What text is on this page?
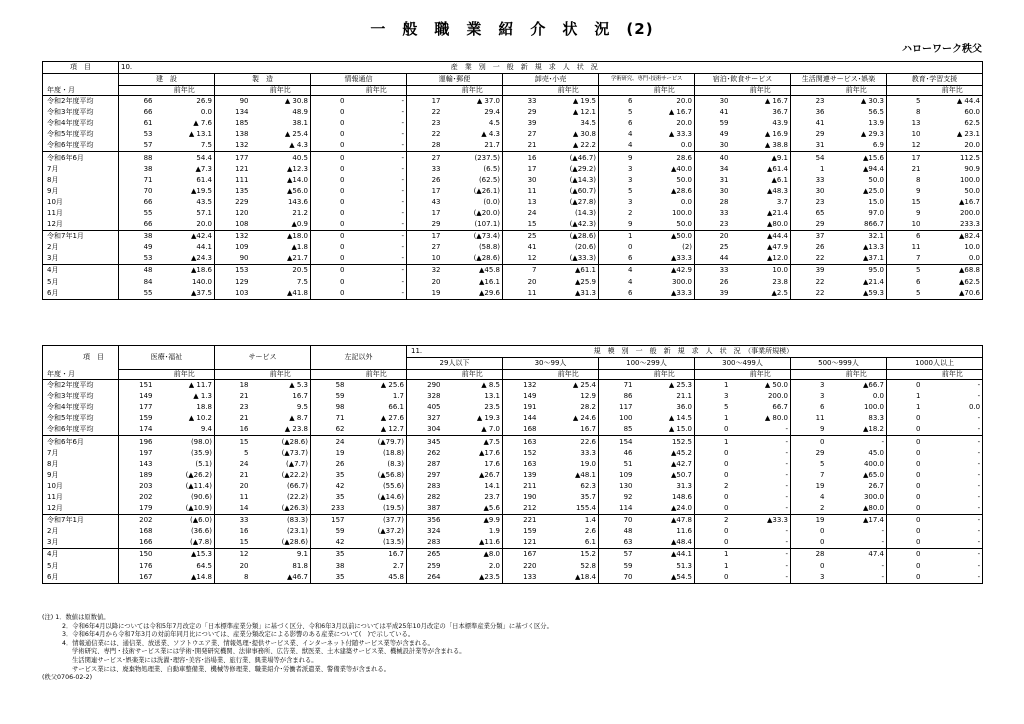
一　般　職　業　紹　介　状　況　(2)
ハローワーク秩父
項　目	10.		産　業　別　一　般　新　規　求　人　状　況															
	建　設		製　造		情報通信		運輸･郵便		卸売･小売		学術研究、専門･技術サービス		宿泊･飲食サービス		生活関連サービス･娯楽		教育･学習支援	
年度・月		前年比		前年比		前年比		前年比		前年比		前年比		前年比		前年比		前年比
令和2年度平均	66	26.9	90	▲ 30.8	0	-	17	▲ 37.0	33	▲ 19.5	6	20.0	30	▲ 16.7	23	▲ 30.3	5	▲ 44.4
令和3年度平均	66	0.0	134	48.9	0	-	22	29.4	29	▲ 12.1	5	▲ 16.7	41	36.7	36	56.5	8	60.0
令和4年度平均	61	▲ 7.6	185	38.1	0	-	23	4.5	39	34.5	6	20.0	59	43.9	41	13.9	13	62.5
令和5年度平均	53	▲ 13.1	138	▲ 25.4	0	-	22	▲ 4.3	27	▲ 30.8	4	▲ 33.3	49	▲ 16.9	29	▲ 29.3	10	▲ 23.1
令和6年度平均	57	7.5	132	▲ 4.3	0	-	28	21.7	21	▲ 22.2	4	0.0	30	▲ 38.8	31	6.9	12	20.0
令和6年6月	88	54.4	177	40.5	0	-	27	(237.5)	16	(▲46.7)	9	28.6	40	▲9.1	54	▲15.6	17	112.5
7月	38	▲7.3	121	▲12.3	0	-	33	(6.5)	17	(▲29.2)	3	▲40.0	34	▲61.4	1	▲94.4	21	90.9
8月	71	61.4	111	▲14.0	0	-	26	(62.5)	30	(▲14.3)	3	50.0	31	▲6.1	33	50.0	8	100.0
9月	70	▲19.5	135	▲56.0	0	-	17	(▲26.1)	11	(▲60.7)	5	▲28.6	30	▲48.3	30	▲25.0	9	50.0
10月	66	43.5	229	143.6	0	-	43	(0.0)	13	(▲27.8)	3	0.0	28	3.7	23	15.0	15	▲16.7
11月	55	57.1	120	21.2	0	-	17	(▲20.0)	24	(14.3)	2	100.0	33	▲21.4	65	97.0	9	200.0
12月	66	20.0	108	▲0.9	0	-	29	(107.1)	15	(▲42.3)	9	50.0	23	▲80.0	29	866.7	10	233.3
令和7年1月	38	▲42.4	132	▲18.0	0	-	17	(▲73.4)	25	(▲28.6)	1	▲50.0	20	▲44.4	37	32.1	6	▲82.4
2月	49	44.1	109	▲1.8	0	-	27	(58.8)	41	(20.6)	0	(2)	25	▲47.9	26	▲13.3	11	10.0
3月	53	▲24.3	90	▲21.7	0	-	10	(▲28.6)	12	(▲33.3)	6	▲33.3	44	▲12.0	22	▲37.1	7	0.0
4月	48	▲18.6	153	20.5	0	-	32	▲45.8	7	▲61.1	4	▲42.9	33	10.0	39	95.0	5	▲68.8
5月	84	140.0	129	7.5	0	-	20	▲16.1	20	▲25.9	4	300.0	26	23.8	22	▲21.4	6	▲62.5
6月	55	▲37.5	103	▲41.8	0	-	19	▲29.6	11	▲31.3	6	▲33.3	39	▲2.5	22	▲59.3	5	▲70.6
項　目	医療･福祉		サービス		左記以外		11.		規　模　別　一　般　新　規　求　人　状　況　（事業所規模）									
							29人以下		30～99人		100～299人		300～499人		500～999人		1000人以上	
年度・月		前年比		前年比		前年比		前年比		前年比		前年比		前年比		前年比		前年比
令和2年度平均	151	▲ 11.7	18	▲ 5.3	58	▲ 25.6	290	▲ 8.5	132	▲ 25.4	71	▲ 25.3	1	▲ 50.0	3	▲66.7	0	-
令和3年度平均	149	▲ 1.3	21	16.7	59	1.7	328	13.1	149	12.9	86	21.1	3	200.0	3	0.0	1	-
令和4年度平均	177	18.8	23	9.5	98	66.1	405	23.5	191	28.2	117	36.0	5	66.7	6	100.0	1	0.0
令和5年度平均	159	▲ 10.2	21	▲ 8.7	71	▲ 27.6	327	▲ 19.3	144	▲ 24.6	100	▲ 14.5	1	▲ 80.0	11	83.3	0	-
令和6年度平均	174	9.4	16	▲ 23.8	62	▲ 12.7	304	▲ 7.0	168	16.7	85	▲ 15.0	0	-	9	▲18.2	0	-
令和6年6月	196	(98.0)	15	(▲28.6)	24	(▲79.7)	345	▲7.5	163	22.6	154	152.5	1	-	0	-	0	-
7月	197	(35.9)	5	(▲73.7)	19	(18.8)	262	▲17.6	152	33.3	46	▲45.2	0	-	29	45.0	0	-
8月	143	(5.1)	24	(▲7.7)	26	(8.3)	287	17.6	163	19.0	51	▲42.7	0	-	5	400.0	0	-
9月	189	(▲26.2)	21	(▲22.2)	35	(▲56.8)	297	▲26.7	139	▲48.1	109	▲50.7	0	-	7	▲65.0	0	-
10月	203	(▲11.4)	20	(66.7)	42	(55.6)	283	14.1	211	62.3	130	31.3	2	-	19	26.7	0	-
11月	202	(90.6)	11	(22.2)	35	(▲14.6)	282	23.7	190	35.7	92	148.6	0	-	4	300.0	0	-
12月	179	(▲10.9)	14	(▲26.3)	233	(19.5)	387	▲5.6	212	155.4	114	▲24.0	0	-	2	▲80.0	0	-
令和7年1月	202	(▲6.0)	33	(83.3)	157	(37.7)	356	▲9.9	221	1.4	70	▲47.8	2	▲33.3	19	▲17.4	0	-
2月	168	(36.6)	16	(23.1)	59	(▲37.2)	324	1.9	159	2.6	48	11.6	0	-	0	-	0	-
3月	166	(▲7.8)	15	(▲28.6)	42	(13.5)	283	▲11.6	121	6.1	63	▲48.4	0	-	0	-	0	-
4月	150	▲15.3	12	9.1	35	16.7	265	▲8.0	167	15.2	57	▲44.1	1	-	28	47.4	0	-
5月	176	64.5	20	81.8	38	2.7	259	2.0	220	52.8	59	51.3	1	-	0	-	0	-
6月	167	▲14.8	8	▲46.7	35	45.8	264	▲23.5	133	▲18.4	70	▲54.5	0	-	3	-	0	-
(注) 1．数値は原数値。
2．令和6年4月以降については令和5年7月改定の「日本標準産業分類」に基づく区分、令和6年3月以前については平成25年10月改定の「日本標準産業分類」に基づく区分。
3．令和6年4月から令和7年3月の対前年同月比については、産業分類改定による影響のある産業について(　)で示している。
4．情報通信業には、通信業、放送業、ソフトウエア業、情報処理･提供サービス業、インターネット付随サービス業等が含まれる。
学術研究、専門・技術サービス業には学術･開発研究機関、法律事務所、広告業、獣医業、土木建築サービス業、機械設計業等が含まれる。
生活関連サービス･娯楽業には洗濯･理容･美容･浴場業、旅行業、興業場等が含まれる。
サービス業には、廃棄物処理業、自動車整備業、機械等修理業、職業紹介･労働者派遣業、警備業等が含まれる。
(秩父0706-02-2)
